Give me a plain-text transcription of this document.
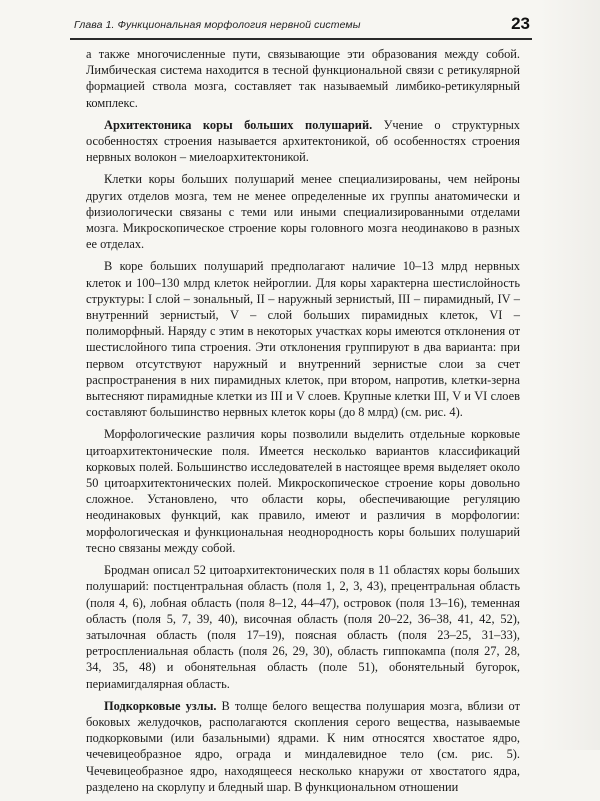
Глава 1. Функциональная морфология нервной системы	23

а также многочисленные пути, связывающие эти образования между собой. Лимбическая система находится в тесной функциональной связи с ретикулярной формацией ствола мозга, составляет так называемый лимбико-ретикулярный комплекс.

Архитектоника коры больших полушарий. Учение о структурных особенностях строения называется архитектоникой, об особенностях строения нервных волокон – миелоархитектоникой.

Клетки коры больших полушарий менее специализированы, чем нейроны других отделов мозга, тем не менее определенные их группы анатомически и физиологически связаны с теми или иными специализированными отделами мозга. Микроскопическое строение коры головного мозга неодинаково в разных ее отделах.

В коре больших полушарий предполагают наличие 10–13 млрд нервных клеток и 100–130 млрд клеток нейроглии. Для коры характерна шестислойность структуры: I слой – зональный, II – наружный зернистый, III – пирамидный, IV – внутренний зернистый, V – слой больших пирамидных клеток, VI – полиморфный. Наряду с этим в некоторых участках коры имеются отклонения от шестислойного типа строения. Эти отклонения группируют в два варианта: при первом отсутствуют наружный и внутренний зернистые слои за счет распространения в них пирамидных клеток, при втором, напротив, клетки-зерна вытесняют пирамидные клетки из III и V слоев. Крупные клетки III, V и VI слоев составляют большинство нервных клеток коры (до 8 млрд) (см. рис. 4).

Морфологические различия коры позволили выделить отдельные корковые цитоархитектонические поля. Имеется несколько вариантов классификаций корковых полей. Большинство исследователей в настоящее время выделяет около 50 цитоархитектонических полей. Микроскопическое строение коры довольно сложное. Установлено, что области коры, обеспечивающие регуляцию неодинаковых функций, как правило, имеют и различия в морфологии: морфологическая и функциональная неоднородность коры больших полушарий тесно связаны между собой.

Бродман описал 52 цитоархитектонических поля в 11 областях коры больших полушарий: постцентральная область (поля 1, 2, 3, 43), прецентральная область (поля 4, 6), лобная область (поля 8–12, 44–47), островок (поля 13–16), теменная область (поля 5, 7, 39, 40), височная область (поля 20–22, 36–38, 41, 42, 52), затылочная область (поля 17–19), поясная область (поля 23–25, 31–33), ретросплениальная область (поля 26, 29, 30), область гиппокампа (поля 27, 28, 34, 35, 48) и обонятельная область (поле 51), обонятельный бугорок, периамигдалярная область.

Подкорковые узлы. В толще белого вещества полушария мозга, вблизи от боковых желудочков, располагаются скопления серого вещества, называемые подкорковыми (или базальными) ядрами. К ним относятся хвостатое ядро, чечевицеобразное ядро, ограда и миндалевидное тело (см. рис. 5). Чечевицеобразное ядро, находящееся несколько кнаружи от хвостатого ядра, разделено на скорлупу и бледный шар. В функциональном отношении
